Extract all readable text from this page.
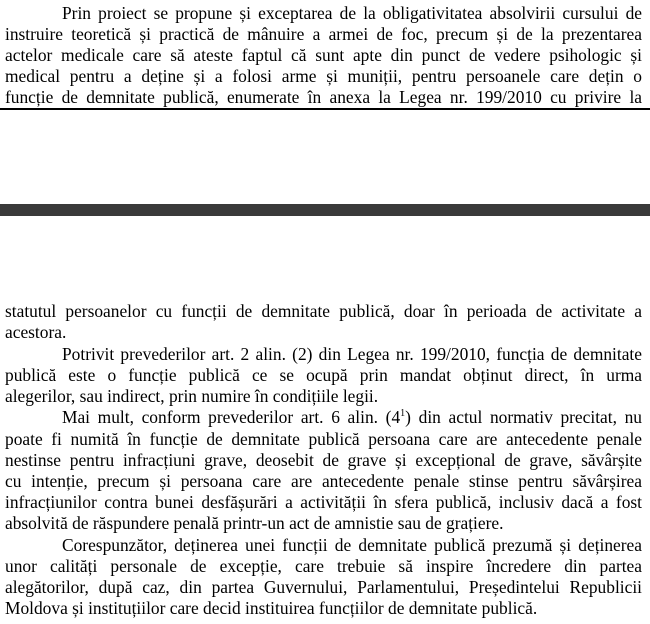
Prin proiect se propune și exceptarea de la obligativitatea absolvirii cursului de
instruire teoretică și practică de mânuire a armei de foc, precum și de la prezentarea
actelor medicale care să ateste faptul că sunt apte din punct de vedere psihologic și
medical pentru a deține și a folosi arme și muniții, pentru persoanele care dețin o
funcție de demnitate publică, enumerate în anexa la Legea nr. 199/2010 cu privire la
statutul persoanelor cu funcții de demnitate publică, doar în perioada de activitate a
acestora.
Potrivit prevederilor art. 2 alin. (2) din Legea nr. 199/2010, funcția de demnitate
publică este o funcție publică ce se ocupă prin mandat obținut direct, în urma
alegerilor, sau indirect, prin numire în condițiile legii.
Mai mult, conform prevederilor art. 6 alin. $(4^1)$ din actul normativ precitat, nu
poate fi numită în funcție de demnitate publică persoana care are antecedente penale
nestinse pentru infracțiuni grave, deosebit de grave și excepțional de grave, săvârșite
cu intenție, precum și persoana care are antecedente penale stinse pentru săvârșirea
infracțiunilor contra bunei desfășurări a activității în sfera publică, inclusiv dacă a fost
absolvită de răspundere penală printr-un act de amnistie sau de grațiere.
Corespunzător, deținerea unei funcții de demnitate publică prezumă și deținerea
unor calități personale de excepție, care trebuie să inspire încredere din partea
alegătorilor, după caz, din partea Guvernului, Parlamentului, Președintelui Republicii
Moldova și instituțiilor care decid instituirea funcțiilor de demnitate publică.
